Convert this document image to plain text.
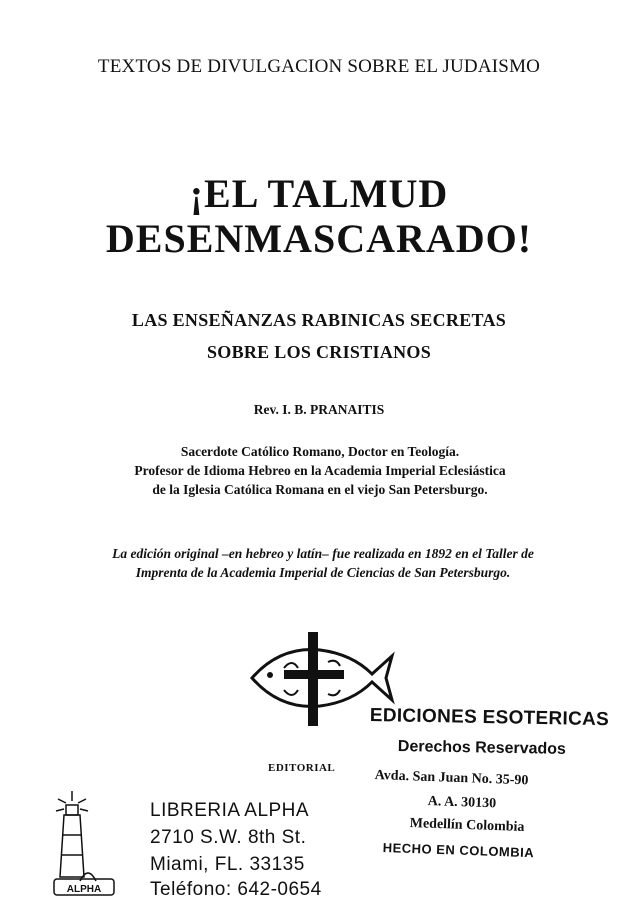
TEXTOS DE DIVULGACION SOBRE EL JUDAISMO
¡EL TALMUD
DESENMASCARADO!
LAS ENSEÑANZAS RABINICAS SECRETAS
SOBRE LOS CRISTIANOS
Rev. I. B. PRANAITIS
Sacerdote Católico Romano, Doctor en Teología.
Profesor de Idioma Hebreo en la Academia Imperial Eclesiástica
de la Iglesia Católica Romana en el viejo San Petersburgo.
La edición original –en hebreo y latín– fue realizada en 1892 en el Taller de
Imprenta de la Academia Imperial de Ciencias de San Petersburgo.
EDITORIAL
ALPHA
LIBRERIA ALPHA
2710 S.W. 8th St.
Miami, FL. 33135
Teléfono: 642-0654
EDICIONES ESOTERICAS
Derechos Reservados
Avda. San Juan No. 35-90
A. A. 30130
Medellín Colombia
HECHO EN COLOMBIA
